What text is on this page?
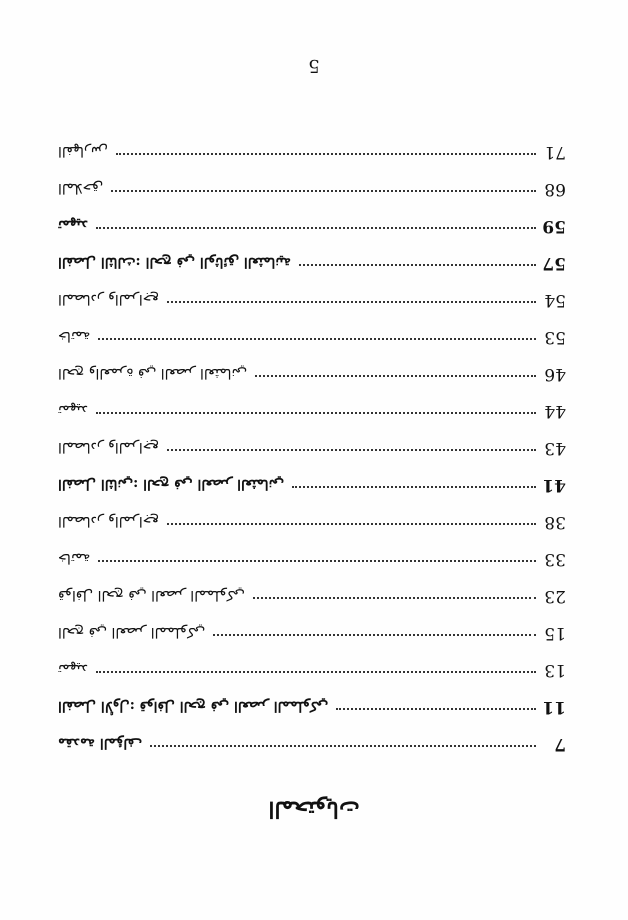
5
المحتويات
مقدمة المؤلف	7
الفصل الأول: قوافل الحج في العصر المملوكي	11
تمهيد	13
الحج في العصر المملوكي	15
قوافل الحج في العصر المملوكي	23
خاتمة	33
المصادر والمراجع	38
الفصل الثاني: الحج في العصر العثماني	41
المصادر والمراجع	43
تمهيد	44
الحج والعمرة في العصر العثماني	46
خاتمة	53
المصادر والمراجع	54
الفصل الثالث: الحج في الوثائق العثمانية	57
تمهيد	59
الملاحق	68
الفهارس	71
